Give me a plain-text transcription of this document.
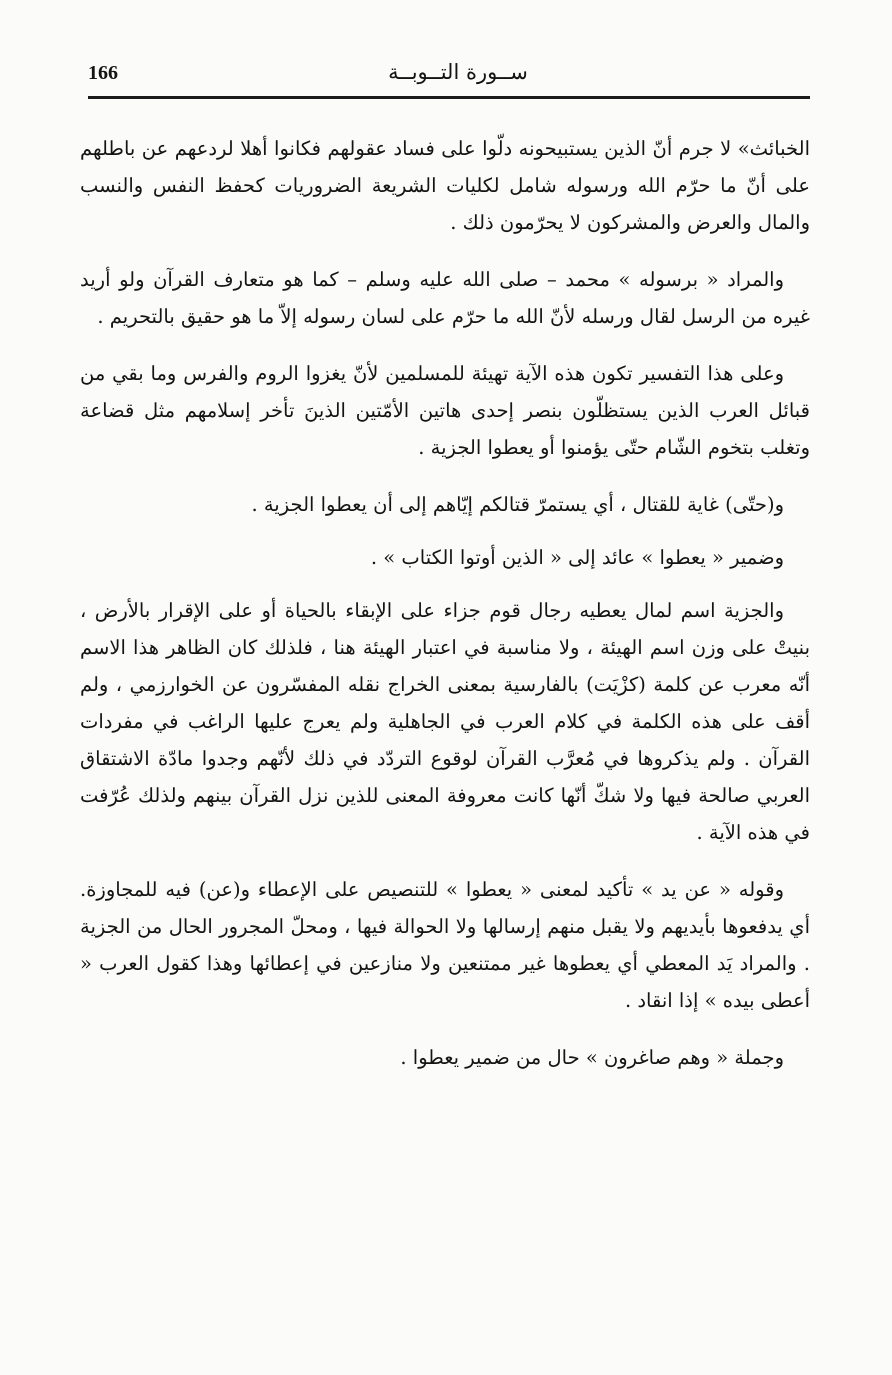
166	ســورة التــوبــة

الخبائث» لا جرم أنّ الذين يستبيحونه دلّوا على فساد عقولهم فكانوا أهلا لردعهم عن باطلهم على أنّ ما حرّم الله ورسوله شامل لكليات الشريعة الضروريات كحفظ النفس والنسب والمال والعرض والمشركون لا يحرّمون ذلك .

والمراد « برسوله » محمد – صلى الله عليه وسلم – كما هو متعارف القرآن ولو أريد غيره من الرسل لقال ورسله لأنّ الله ما حرّم على لسان رسوله إلاّ ما هو حقيق بالتحريم .

وعلى هذا التفسير تكون هذه الآية تهيئة للمسلمين لأنّ يغزوا الروم والفرس وما بقي من قبائل العرب الذين يستظلّون بنصر إحدى هاتين الأمّتين الذينَ تأخر إسلامهم مثل قضاعة وتغلب بتخوم الشّام حتّى يؤمنوا أو يعطوا الجزية .

و(حتّى) غاية للقتال ، أي يستمرّ قتالكم إيّاهم إلى أن يعطوا الجزية .

وضمير « يعطوا » عائد إلى « الذين أوتوا الكتاب » .

والجزية اسم لمال يعطيه رجال قوم جزاء على الإبقاء بالحياة أو على الإقرار بالأرض ، بنيتْ على وزن اسم الهيئة ، ولا مناسبة في اعتبار الهيئة هنا ، فلذلك كان الظاهر هذا الاسم أنّه معرب عن كلمة (كزْيَت) بالفارسية بمعنى الخراج نقله المفسّرون عن الخوارزمي ، ولم أقف على هذه الكلمة في كلام العرب في الجاهلية ولم يعرج عليها الراغب في مفردات القرآن . ولم يذكروها في مُعرَّب القرآن لوقوع التردّد في ذلك لأنّهم وجدوا مادّة الاشتقاق العربي صالحة فيها ولا شكّ أنّها كانت معروفة المعنى للذين نزل القرآن بينهم ولذلك عُرّفت في هذه الآية .

وقوله « عن يد » تأكيد لمعنى « يعطوا » للتنصيص على الإعطاء و(عن) فيه للمجاوزة. أي يدفعوها بأيديهم ولا يقبل منهم إرسالها ولا الحوالة فيها ، ومحلّ المجرور الحال من الجزية . والمراد يَد المعطي أي يعطوها غير ممتنعين ولا منازعين في إعطائها وهذا كقول العرب « أعطى بيده » إذا انقاد .

وجملة « وهم صاغرون » حال من ضمير يعطوا .
